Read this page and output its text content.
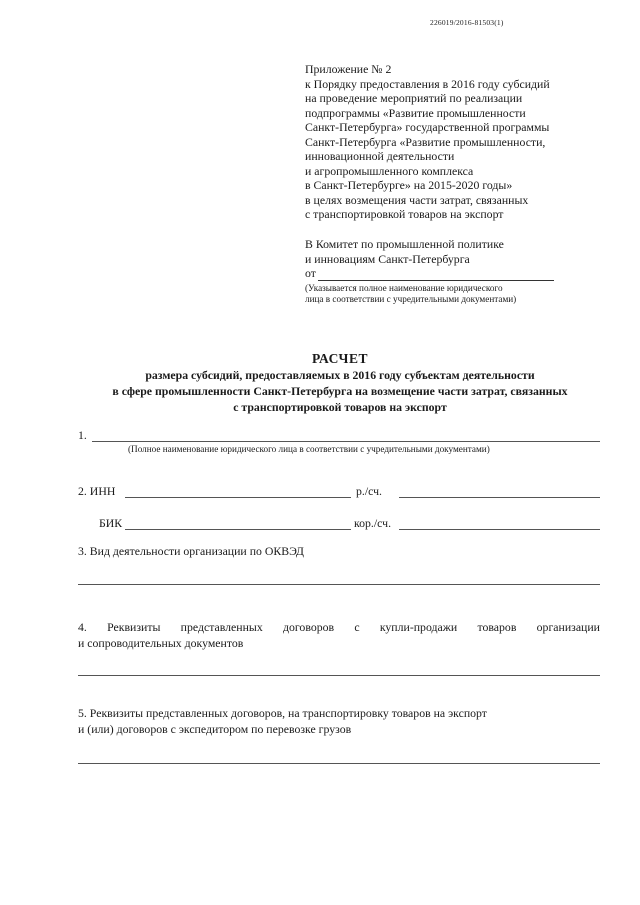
226019/2016-81503(1)
Приложение № 2
к Порядку предоставления в 2016 году субсидий
на проведение мероприятий по реализации
подпрограммы «Развитие промышленности
Санкт-Петербурга» государственной программы
Санкт-Петербурга «Развитие промышленности,
инновационной деятельности
и агропромышленного комплекса
в Санкт-Петербурге» на 2015-2020 годы»
в целях возмещения части затрат, связанных
с транспортировкой товаров на экспорт
В Комитет по промышленной политике
и инновациям Санкт-Петербурга
от
(Указывается полное наименование юридического
лица в соответствии с учредительными документами)
РАСЧЕТ
размера субсидий, предоставляемых в 2016 году субъектам деятельности
в сфере промышленности Санкт-Петербурга на возмещение части затрат, связанных
с транспортировкой товаров на экспорт
1.
(Полное наименование юридического лица в соответствии с учредительными документами)
2. ИНН	р./сч.
БИК	кор./сч.
3. Вид деятельности организации по ОКВЭД
4. Реквизиты представленных договоров с купли-продажи товаров организации
и сопроводительных документов
5. Реквизиты представленных договоров, на транспортировку товаров на экспорт
и (или) договоров с экспедитором по перевозке грузов
